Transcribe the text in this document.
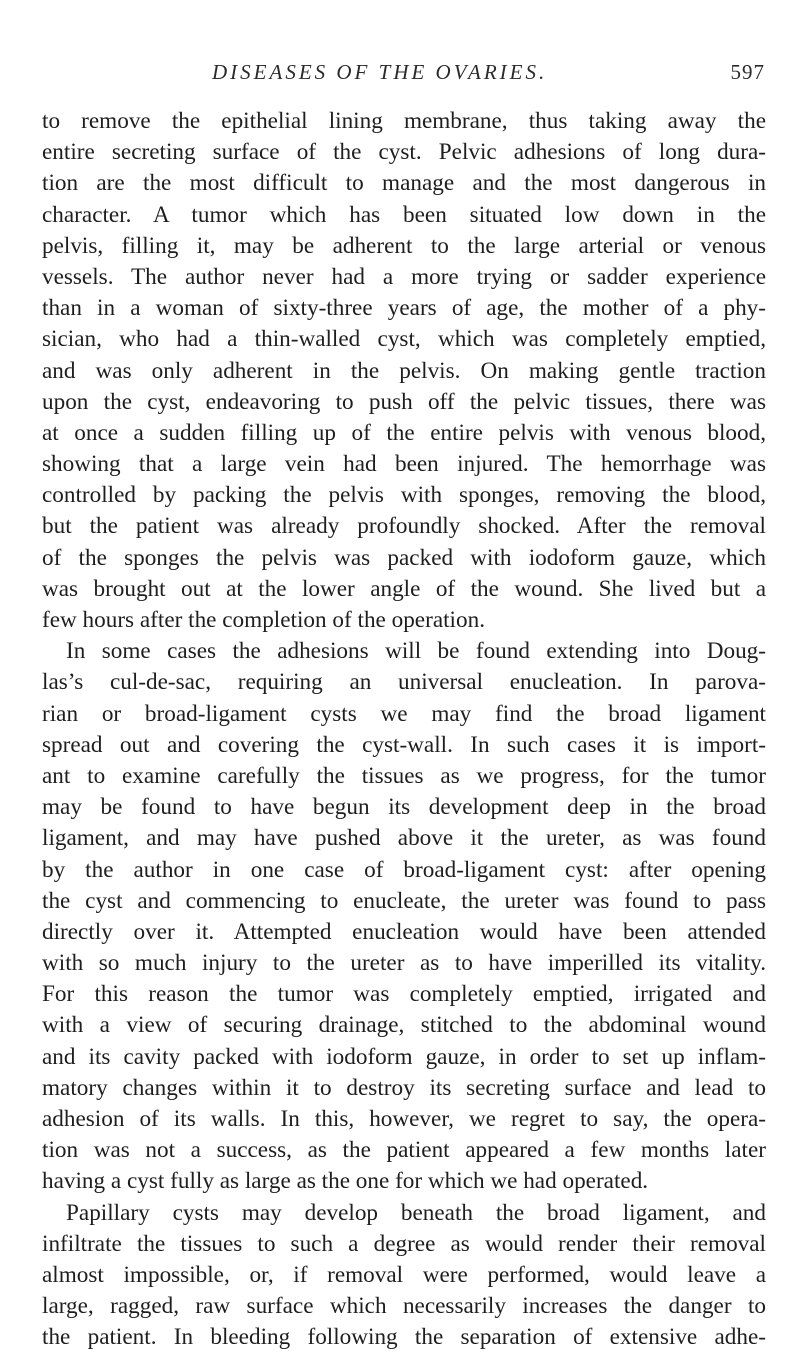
DISEASES OF THE OVARIES.	597
to remove the epithelial lining membrane, thus taking away the
entire secreting surface of the cyst. Pelvic adhesions of long dura-
tion are the most difficult to manage and the most dangerous in
character. A tumor which has been situated low down in the
pelvis, filling it, may be adherent to the large arterial or venous
vessels. The author never had a more trying or sadder experience
than in a woman of sixty-three years of age, the mother of a phy-
sician, who had a thin-walled cyst, which was completely emptied,
and was only adherent in the pelvis. On making gentle traction
upon the cyst, endeavoring to push off the pelvic tissues, there was
at once a sudden filling up of the entire pelvis with venous blood,
showing that a large vein had been injured. The hemorrhage was
controlled by packing the pelvis with sponges, removing the blood,
but the patient was already profoundly shocked. After the removal
of the sponges the pelvis was packed with iodoform gauze, which
was brought out at the lower angle of the wound. She lived but a
few hours after the completion of the operation.
In some cases the adhesions will be found extending into Doug-
las’s cul-de-sac, requiring an universal enucleation. In parova-
rian or broad-ligament cysts we may find the broad ligament
spread out and covering the cyst-wall. In such cases it is import-
ant to examine carefully the tissues as we progress, for the tumor
may be found to have begun its development deep in the broad
ligament, and may have pushed above it the ureter, as was found
by the author in one case of broad-ligament cyst: after opening
the cyst and commencing to enucleate, the ureter was found to pass
directly over it. Attempted enucleation would have been attended
with so much injury to the ureter as to have imperilled its vitality.
For this reason the tumor was completely emptied, irrigated and
with a view of securing drainage, stitched to the abdominal wound
and its cavity packed with iodoform gauze, in order to set up inflam-
matory changes within it to destroy its secreting surface and lead to
adhesion of its walls. In this, however, we regret to say, the opera-
tion was not a success, as the patient appeared a few months later
having a cyst fully as large as the one for which we had operated.
Papillary cysts may develop beneath the broad ligament, and
infiltrate the tissues to such a degree as would render their removal
almost impossible, or, if removal were performed, would leave a
large, ragged, raw surface which necessarily increases the danger to
the patient. In bleeding following the separation of extensive adhe-
